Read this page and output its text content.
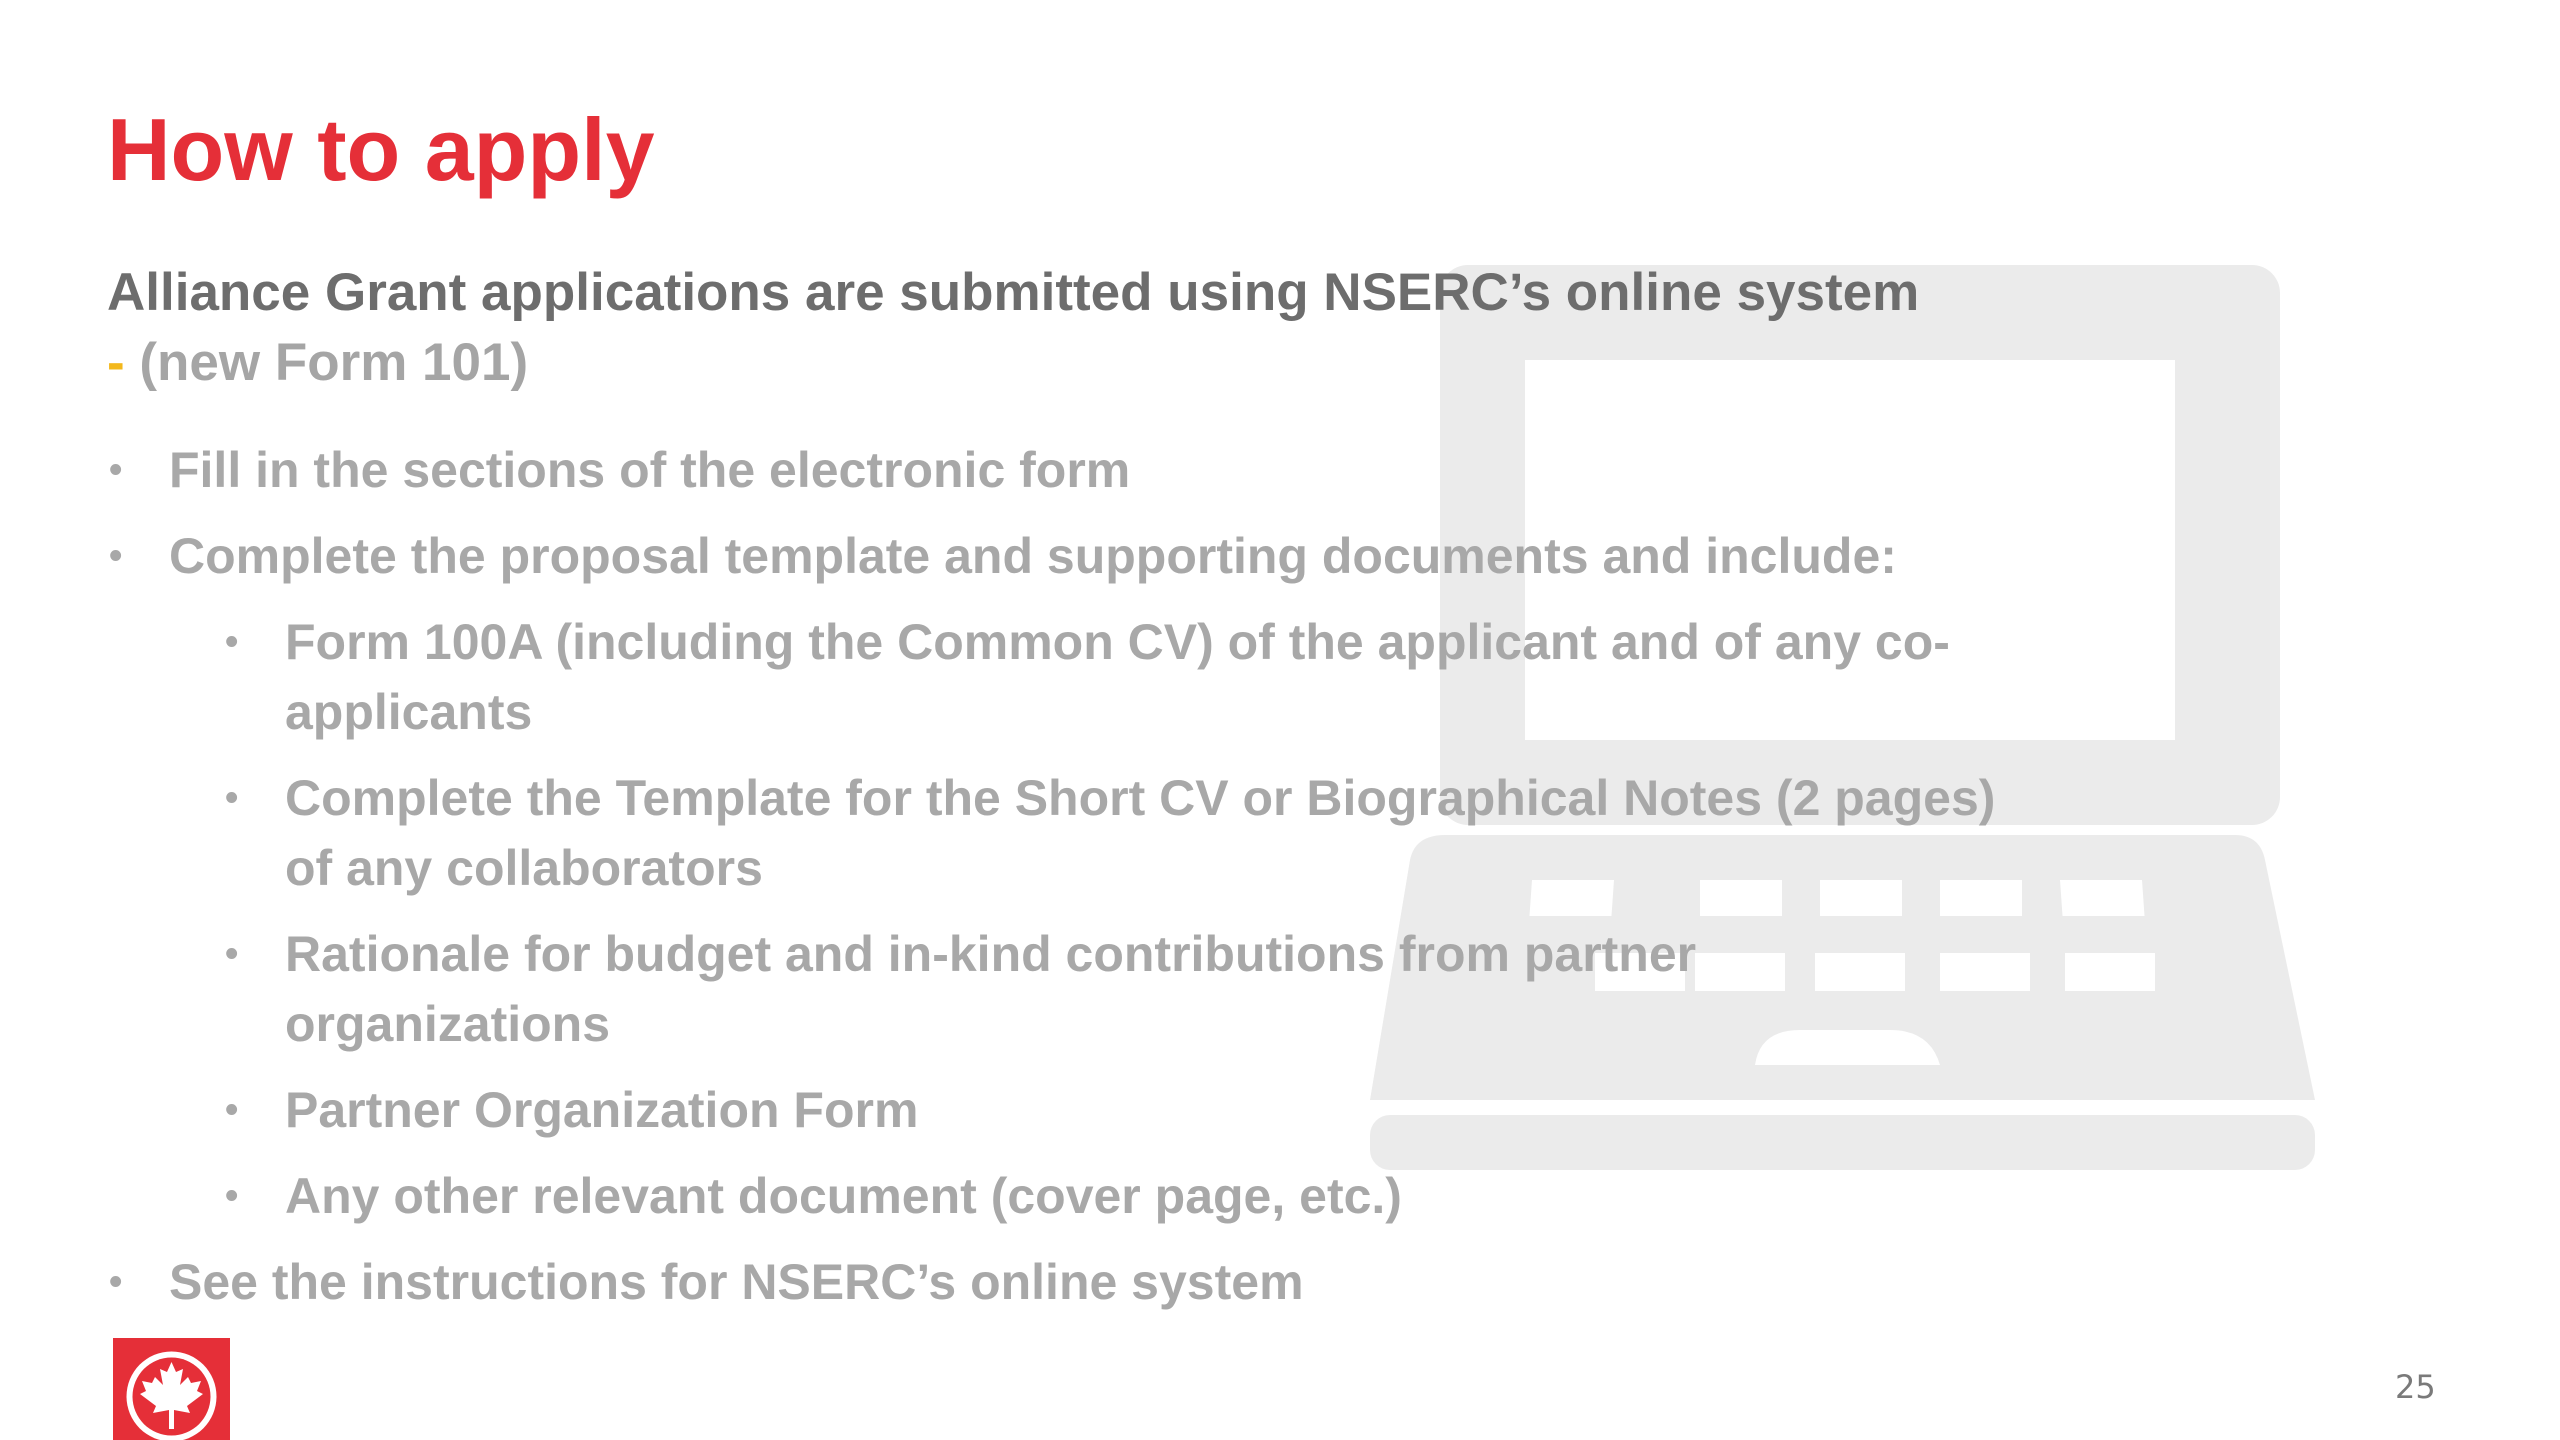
How to apply

Alliance Grant applications are submitted using NSERC’s online system
- (new Form 101)

• Fill in the sections of the electronic form
• Complete the proposal template and supporting documents and include:
• Form 100A (including the Common CV) of the applicant and of any co-applicants
• Complete the Template for the Short CV or Biographical Notes (2 pages) of any collaborators
• Rationale for budget and in-kind contributions from partner organizations
• Partner Organization Form
• Any other relevant document (cover page, etc.)
• See the instructions for NSERC’s online system
25
